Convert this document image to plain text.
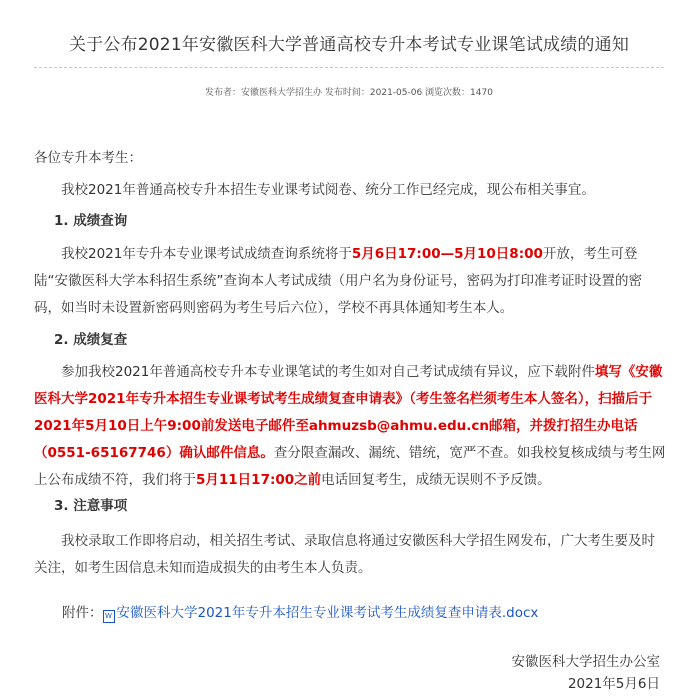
关于公布2021年安徽医科大学普通高校专升本考试专业课笔试成绩的通知
发布者：安徽医科大学招生办 发布时间：2021-05-06 浏览次数：1470
各位专升本考生：
我校2021年普通高校专升本招生专业课考试阅卷、统分工作已经完成，现公布相关事宜。
1. 成绩查询
我校2021年专升本专业课考试成绩查询系统将于5月6日17:00—5月10日8:00开放，考生可登陆“安徽医科大学本科招生系统”查询本人考试成绩（用户名为身份证号，密码为打印准考证时设置的密码，如当时未设置新密码则密码为考生号后六位），学校不再具体通知考生本人。
2. 成绩复查
参加我校2021年普通高校专升本专业课笔试的考生如对自己考试成绩有异议，应下载附件填写《安徽医科大学2021年专升本招生专业课考试考生成绩复查申请表》（考生签名栏须考生本人签名），扫描后于2021年5月10日上午9:00前发送电子邮件至ahmuzsb@ahmu.edu.cn邮箱，并拨打招生办电话（0551-65167746）确认邮件信息。查分限查漏改、漏统、错统，宽严不查。如我校复核成绩与考生网上公布成绩不符，我们将于5月11日17:00之前电话回复考生，成绩无误则不予反馈。
3. 注意事项
我校录取工作即将启动，相关招生考试、录取信息将通过安徽医科大学招生网发布，广大考生要及时关注，如考生因信息未知而造成损失的由考生本人负责。
附件： W 安徽医科大学2021年专升本招生专业课考试考生成绩复查申请表.docx
安徽医科大学招生办公室
2021年5月6日
